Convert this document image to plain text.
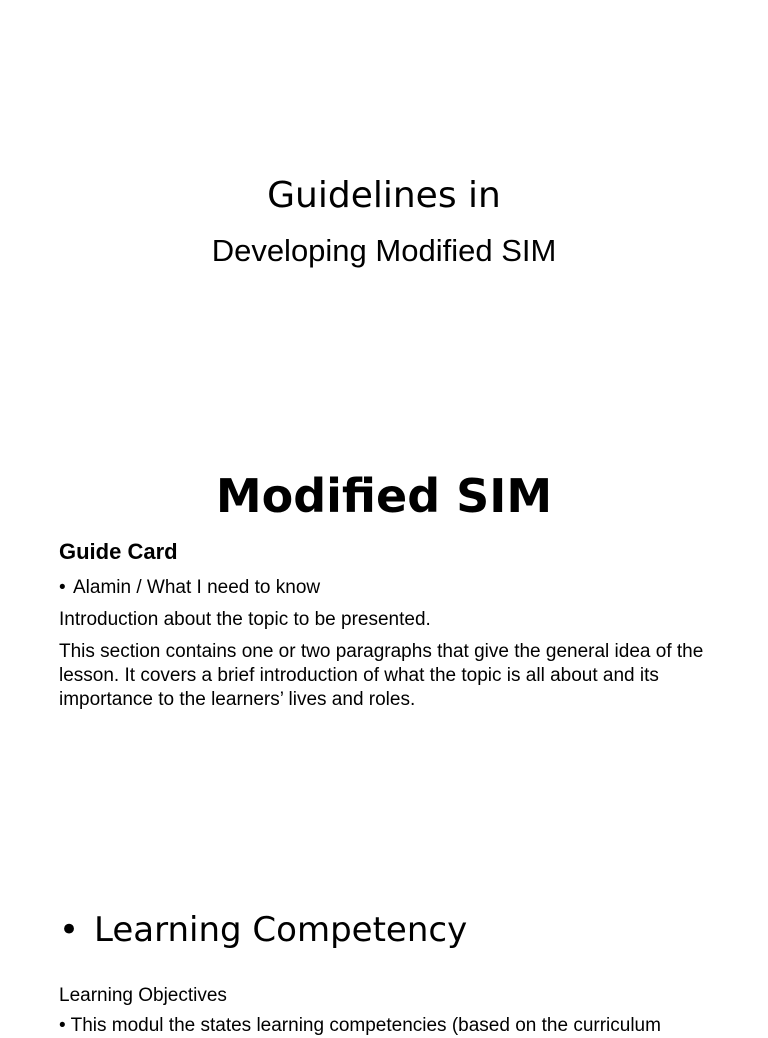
Guidelines in
Developing Modified SIM
Modified SIM
Guide Card
• Alamin / What I need to know
Introduction about the topic to be presented.
This section contains one or two paragraphs that give the general idea of the lesson. It covers a brief introduction of what the topic is all about and its importance to the learners’ lives and roles.
• Learning Competency
Learning Objectives
• This modul the states learning competencies (based on the curriculum
